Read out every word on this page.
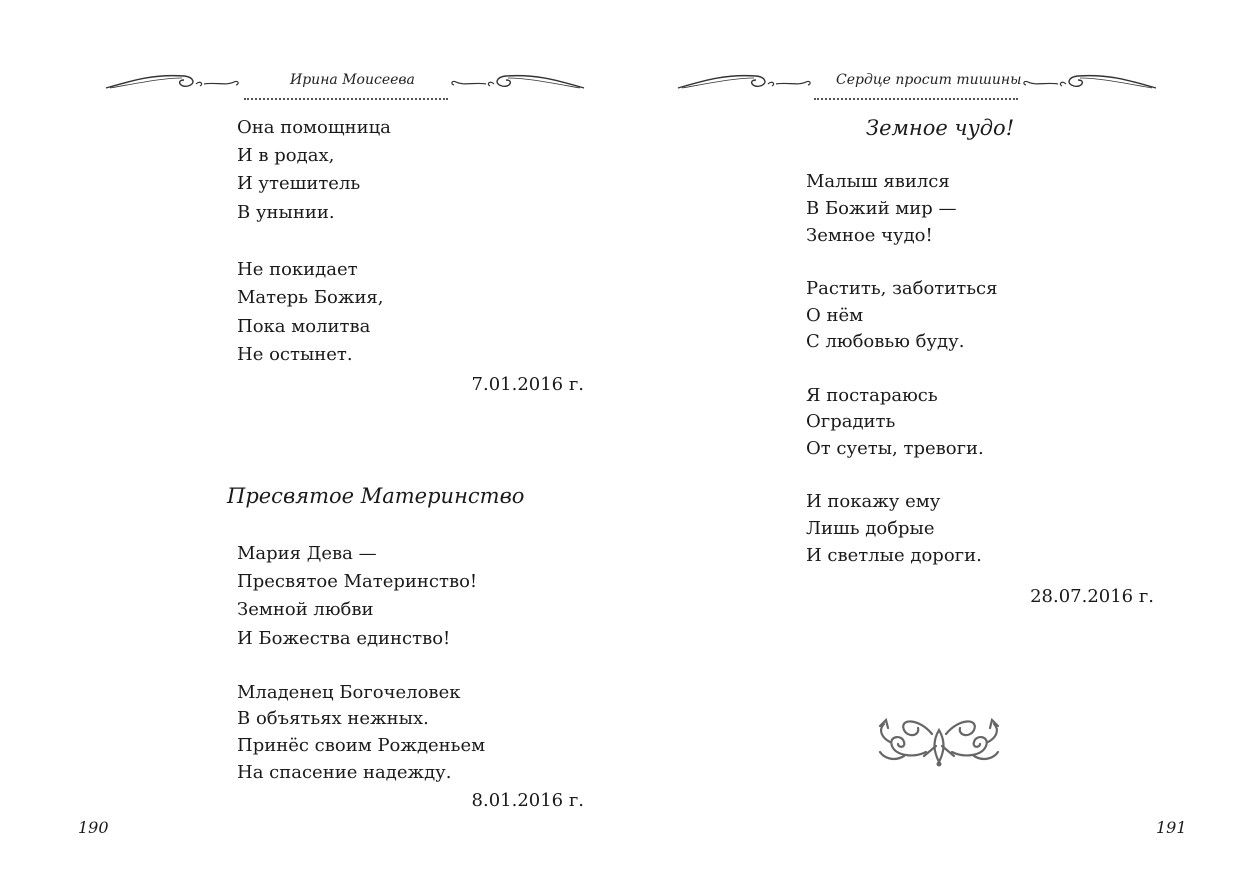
Ирина Моисеева
Она помощница
И в родах,
И утешитель
В унынии.
Не покидает
Матерь Божия,
Пока молитва
Не остынет.
7.01.2016 г.
Пресвятое Материнство
Мария Дева —
Пресвятое Материнство!
Земной любви
И Божества единство!
Младенец Богочеловек
В объятьях нежных.
Принёс своим Рожденьем
На спасение надежду.
8.01.2016 г.
190
Сердце просит тишины
Земное чудо!
Малыш явился
В Божий мир —
Земное чудо!
Растить, заботиться
О нём
С любовью буду.
Я постараюсь
Оградить
От суеты, тревоги.
И покажу ему
Лишь добрые
И светлые дороги.
28.07.2016 г.
191
